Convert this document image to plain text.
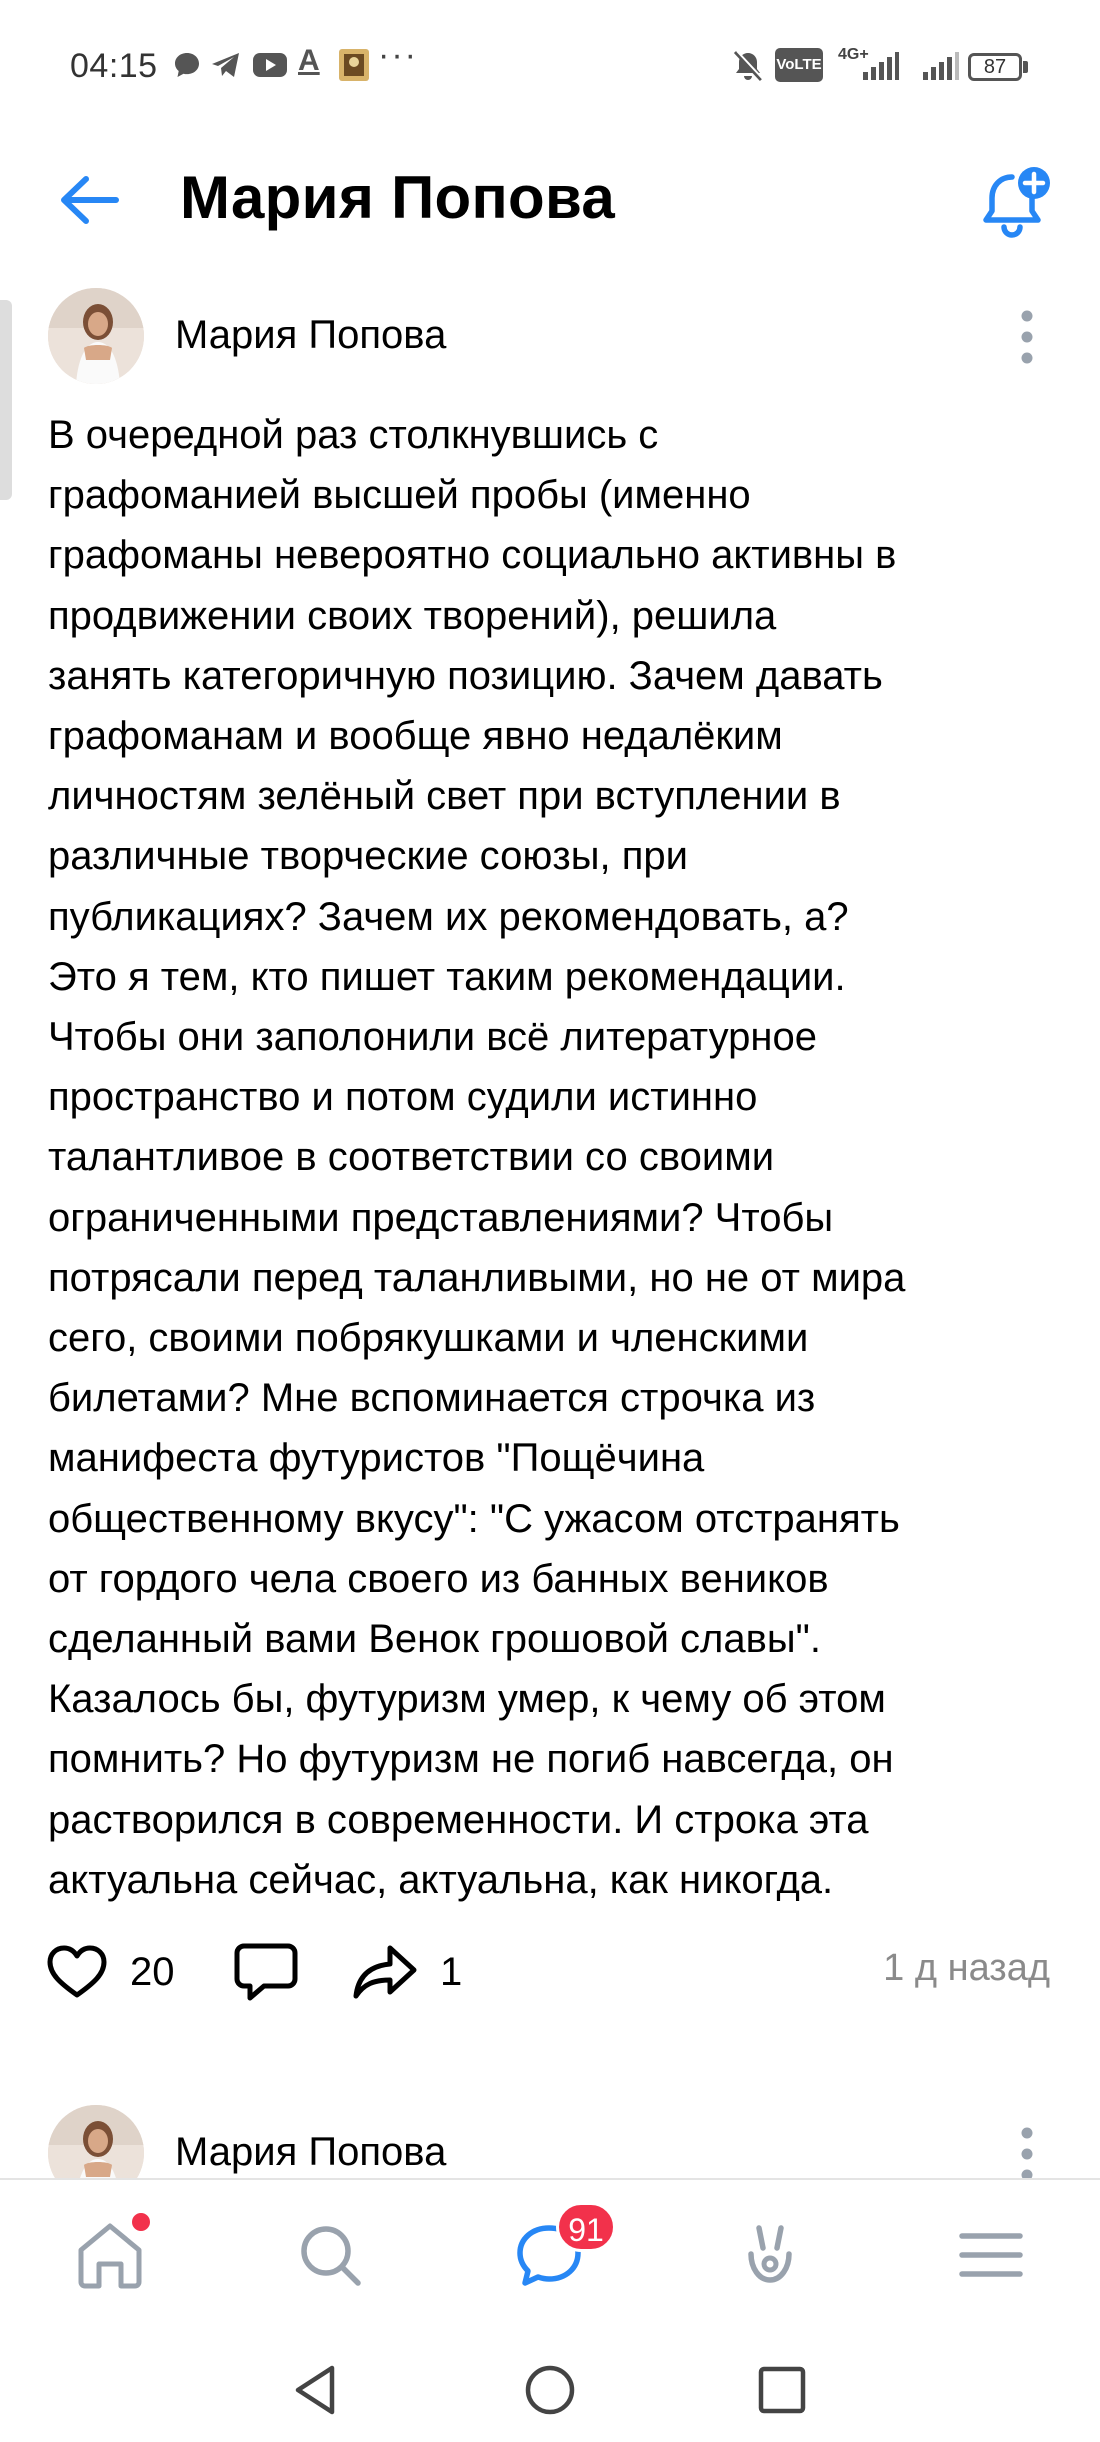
04:15	A ···	VoLTE
4G+
87
Мария Попова
Мария Попова

В очередной раз столкнувшись с
графоманией высшей пробы (именно
графоманы невероятно социально активны в
продвижении своих творений), решила
занять категоричную позицию. Зачем давать
графоманам и вообще явно недалёким
личностям зелёный свет при вступлении в
различные творческие союзы, при
публикациях? Зачем их рекомендовать, а?
Это я тем, кто пишет таким рекомендации.
Чтобы они заполонили всё литературное
пространство и потом судили истинно
талантливое в соответствии со своими
ограниченными представлениями? Чтобы
потрясали перед таланливыми, но не от мира
сего, своими побрякушками и членскими
билетами? Мне вспоминается строчка из
манифеста футуристов "Пощёчина
общественному вкусу": "С ужасом отстранять
от гордого чела своего из банных веников
сделанный вами Венок грошовой славы".
Казалось бы, футуризм умер, к чему об этом
помнить? Но футуризм не погиб навсегда, он
растворился в современности. И строка эта
актуальна сейчас, актуальна, как никогда.

20	1	1 д назад
Мария Попова
91
